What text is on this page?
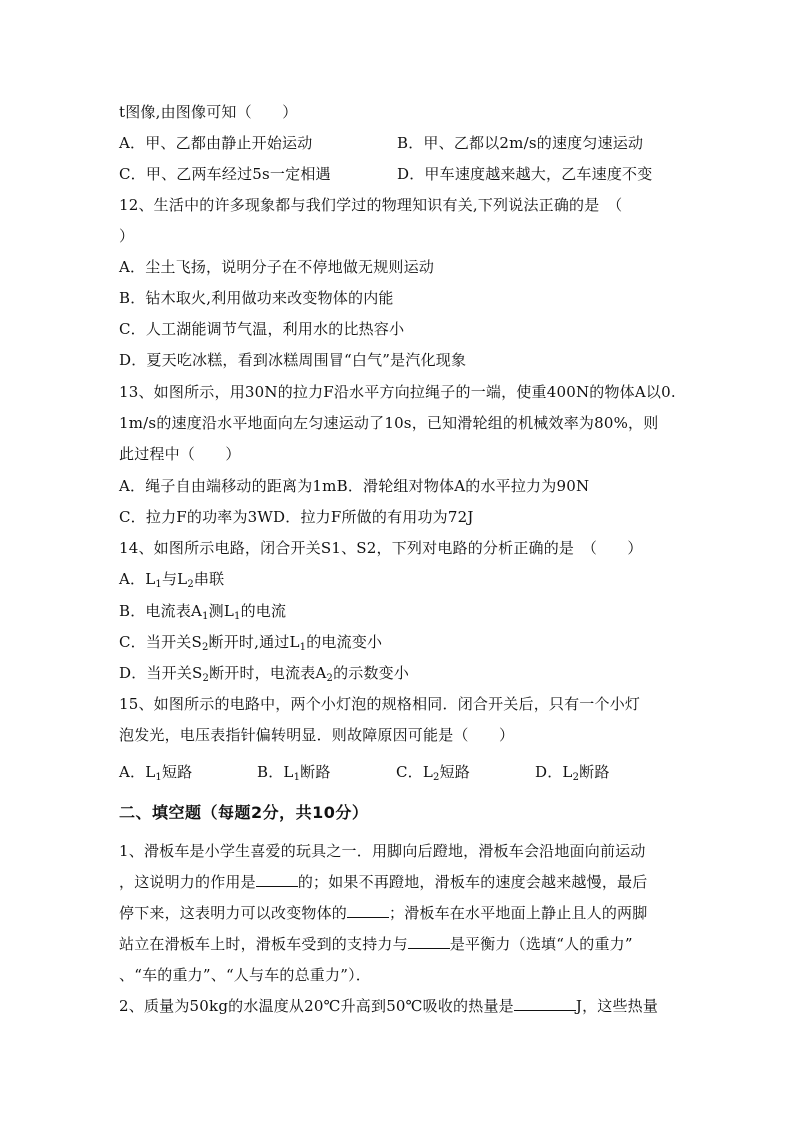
t图像,由图像可知（　　）
A．甲、乙都由静止开始运动	B．甲、乙都以2m/s的速度匀速运动
C．甲、乙两车经过5s一定相遇	D．甲车速度越来越大，乙车速度不变
12、生活中的许多现象都与我们学过的物理知识有关,下列说法正确的是　（
）
A．尘土飞扬，说明分子在不停地做无规则运动
B．钻木取火,利用做功来改变物体的内能
C．人工湖能调节气温，利用水的比热容小
D．夏天吃冰糕，看到冰糕周围冒“白气”是汽化现象
13、如图所示，用30N的拉力F沿水平方向拉绳子的一端，使重400N的物体A以0.
1m/s的速度沿水平地面向左匀速运动了10s，已知滑轮组的机械效率为80%，则
此过程中（　　）
A．绳子自由端移动的距离为1mB．滑轮组对物体A的水平拉力为90N
C．拉力F的功率为3WD．拉力F所做的有用功为72J
14、如图所示电路，闭合开关S1、S2，下列对电路的分析正确的是　（　　）
A．$L_1$与$L_2$串联
B．电流表$A_1$测$L_1$的电流
C．当开关$S_2$断开时,通过$L_1$的电流变小
D．当开关$S_2$断开时，电流表$A_2$的示数变小
15、如图所示的电路中，两个小灯泡的规格相同．闭合开关后，只有一个小灯
泡发光，电压表指针偏转明显．则故障原因可能是（　　）
A．$L_1$短路	B．$L_1$断路	C．$L_2$短路	D．$L_2$断路
二、填空题（每题2分，共10分）
1、滑板车是小学生喜爱的玩具之一．用脚向后蹬地，滑板车会沿地面向前运动
，这说明力的作用是	的；如果不再蹬地，滑板车的速度会越来越慢，最后
停下来，这表明力可以改变物体的	；滑板车在水平地面上静止且人的两脚
站立在滑板车上时，滑板车受到的支持力与	是平衡力（选填“人的重力”
、“车的重力”、“人与车的总重力”）．
2、质量为50kg的水温度从20℃升高到50℃吸收的热量是	J，这些热量
